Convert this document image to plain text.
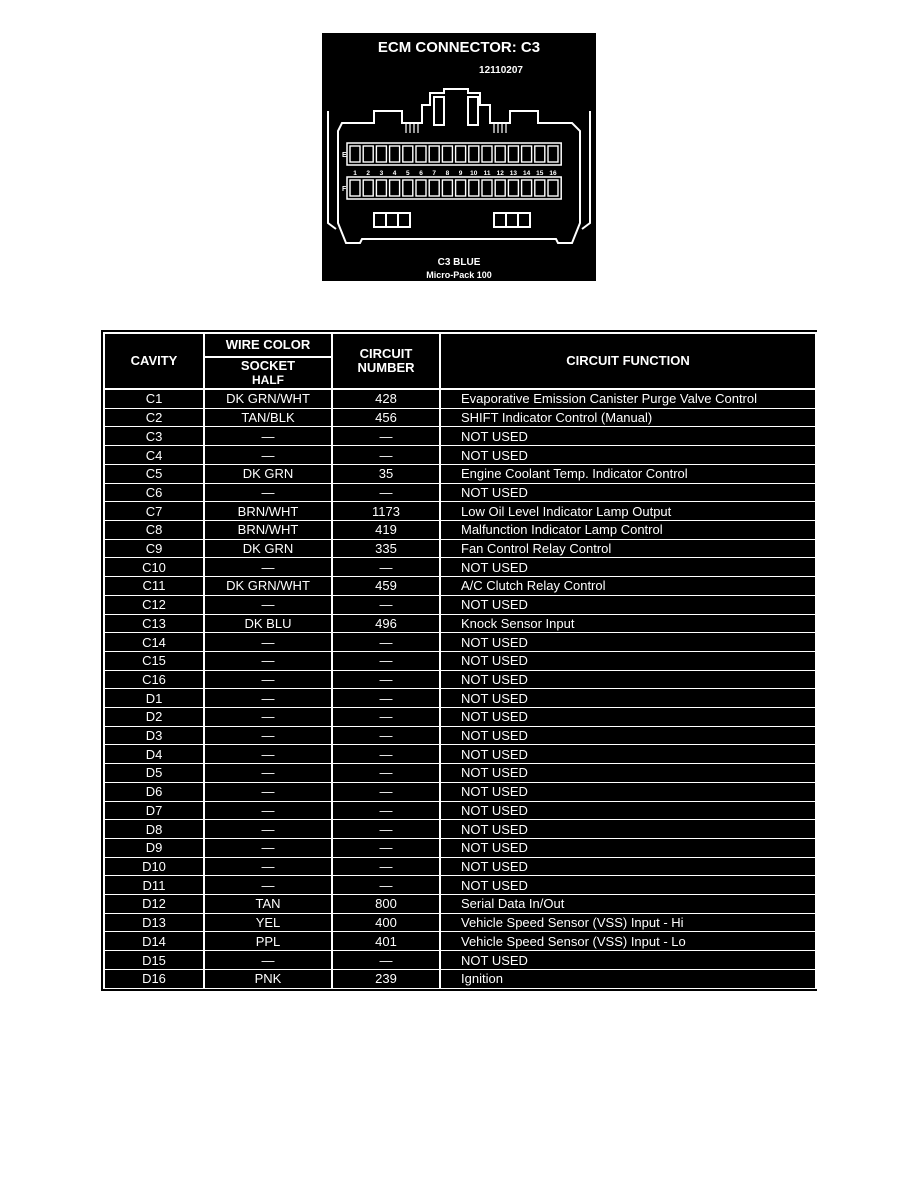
ECM CONNECTOR: C3
12110207
E
F
1 2 3 4 5 6 7 8 9 10 11 12 13 14 15 16
C3 BLUE
Micro-Pack 100
CAVITY	WIRE COLOR	CIRCUIT NUMBER	CIRCUIT FUNCTION
	SOCKET
HALF		

C1	DK GRN/WHT	428	Evaporative Emission Canister Purge Valve Control
C2	TAN/BLK	456	SHIFT Indicator Control (Manual)
C3	—	—	NOT USED
C4	—	—	NOT USED
C5	DK GRN	35	Engine Coolant Temp. Indicator Control
C6	—	—	NOT USED
C7	BRN/WHT	1173	Low Oil Level Indicator Lamp Output
C8	BRN/WHT	419	Malfunction Indicator Lamp Control
C9	DK GRN	335	Fan Control Relay Control
C10	—	—	NOT USED
C11	DK GRN/WHT	459	A/C Clutch Relay Control
C12	—	—	NOT USED
C13	DK BLU	496	Knock Sensor Input
C14	—	—	NOT USED
C15	—	—	NOT USED
C16	—	—	NOT USED
D1	—	—	NOT USED
D2	—	—	NOT USED
D3	—	—	NOT USED
D4	—	—	NOT USED
D5	—	—	NOT USED
D6	—	—	NOT USED
D7	—	—	NOT USED
D8	—	—	NOT USED
D9	—	—	NOT USED
D10	—	—	NOT USED
D11	—	—	NOT USED
D12	TAN	800	Serial Data In/Out
D13	YEL	400	Vehicle Speed Sensor (VSS) Input - Hi
D14	PPL	401	Vehicle Speed Sensor (VSS) Input - Lo
D15	—	—	NOT USED
D16	PNK	239	Ignition
